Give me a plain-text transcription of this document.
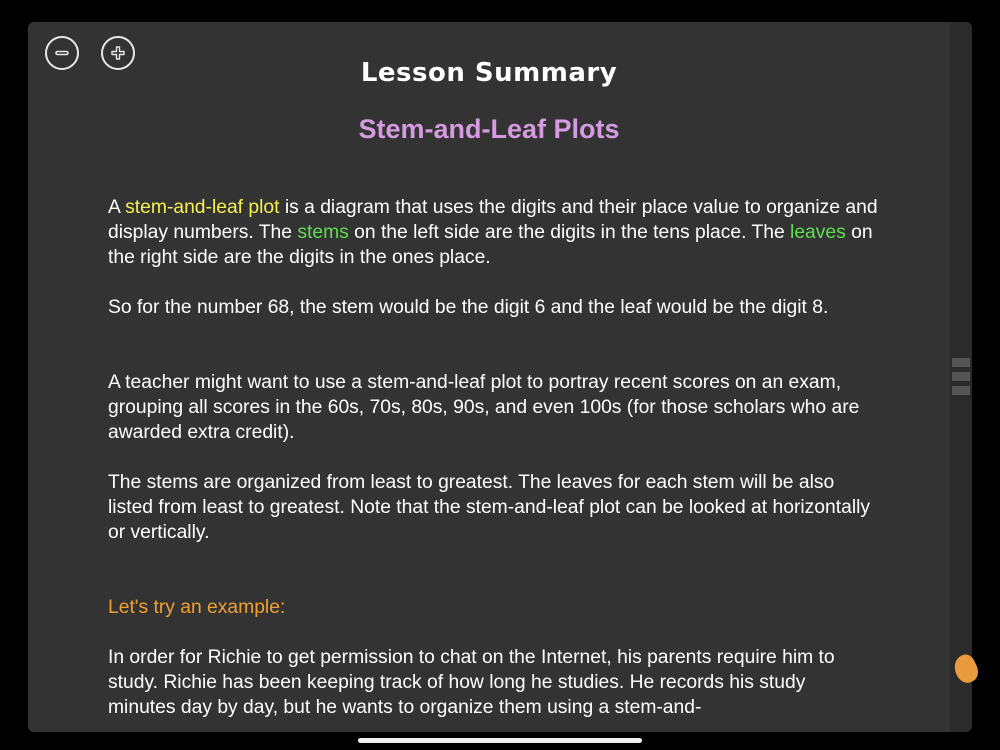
Lesson Summary
Stem-and-Leaf Plots

A stem-and-leaf plot is a diagram that uses the digits and their place value to organize and display numbers. The stems on the left side are the digits in the tens place. The leaves on the right side are the digits in the ones place.

So for the number 68, the stem would be the digit 6 and the leaf would be the digit 8.

A teacher might want to use a stem-and-leaf plot to portray recent scores on an exam, grouping all scores in the 60s, 70s, 80s, 90s, and even 100s (for those scholars who are awarded extra credit).

The stems are organized from least to greatest. The leaves for each stem will be also listed from least to greatest. Note that the stem-and-leaf plot can be looked at horizontally or vertically.

Let's try an example:

In order for Richie to get permission to chat on the Internet, his parents require him to study. Richie has been keeping track of how long he studies. He records his study minutes day by day, but he wants to organize them using a stem-and-
